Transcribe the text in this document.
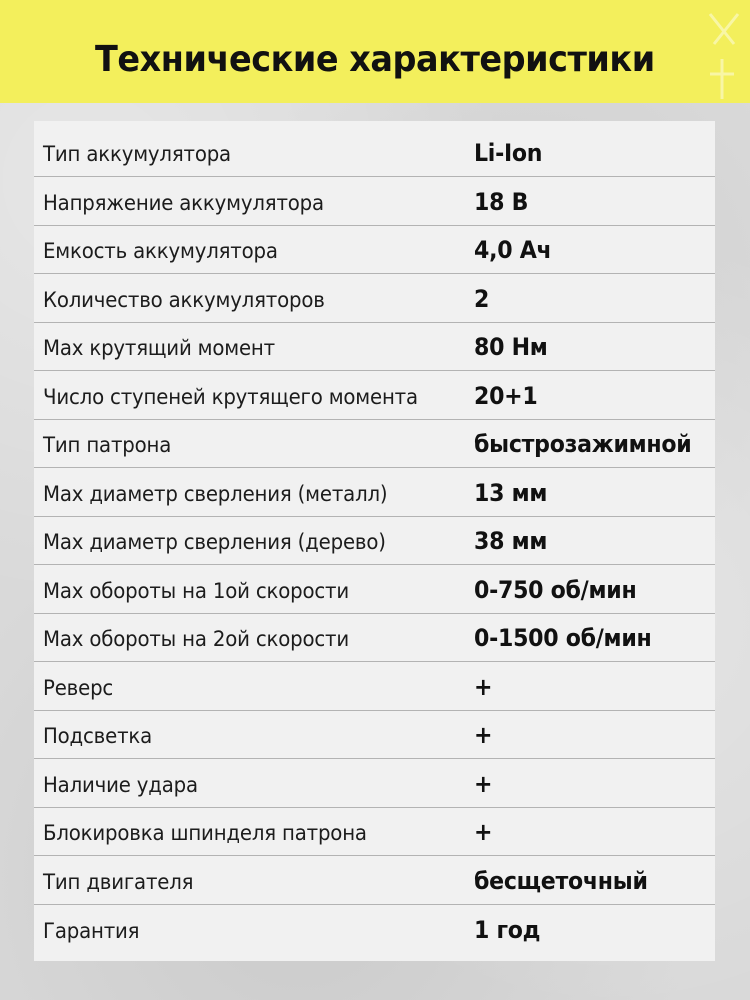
Технические характеристики
Тип аккумулятора	Li-Ion
Напряжение аккумулятора	18 В
Емкость аккумулятора	4,0 Ач
Количество аккумуляторов	2
Мах крутящий момент	80 Нм
Число ступеней крутящего момента 20+1
Тип патрона	быстрозажимной
Мах диаметр сверления (металл)	13 мм
Мах диаметр сверления (дерево)	38 мм
Мах обороты на 1ой скорости	0-750 об/мин
Мах обороты на 2ой скорости	0-1500 об/мин
Реверс	+
Подсветка	+
Наличие удара	+
Блокировка шпинделя патрона	+
Тип двигателя	бесщеточный
Гарантия	1 год
